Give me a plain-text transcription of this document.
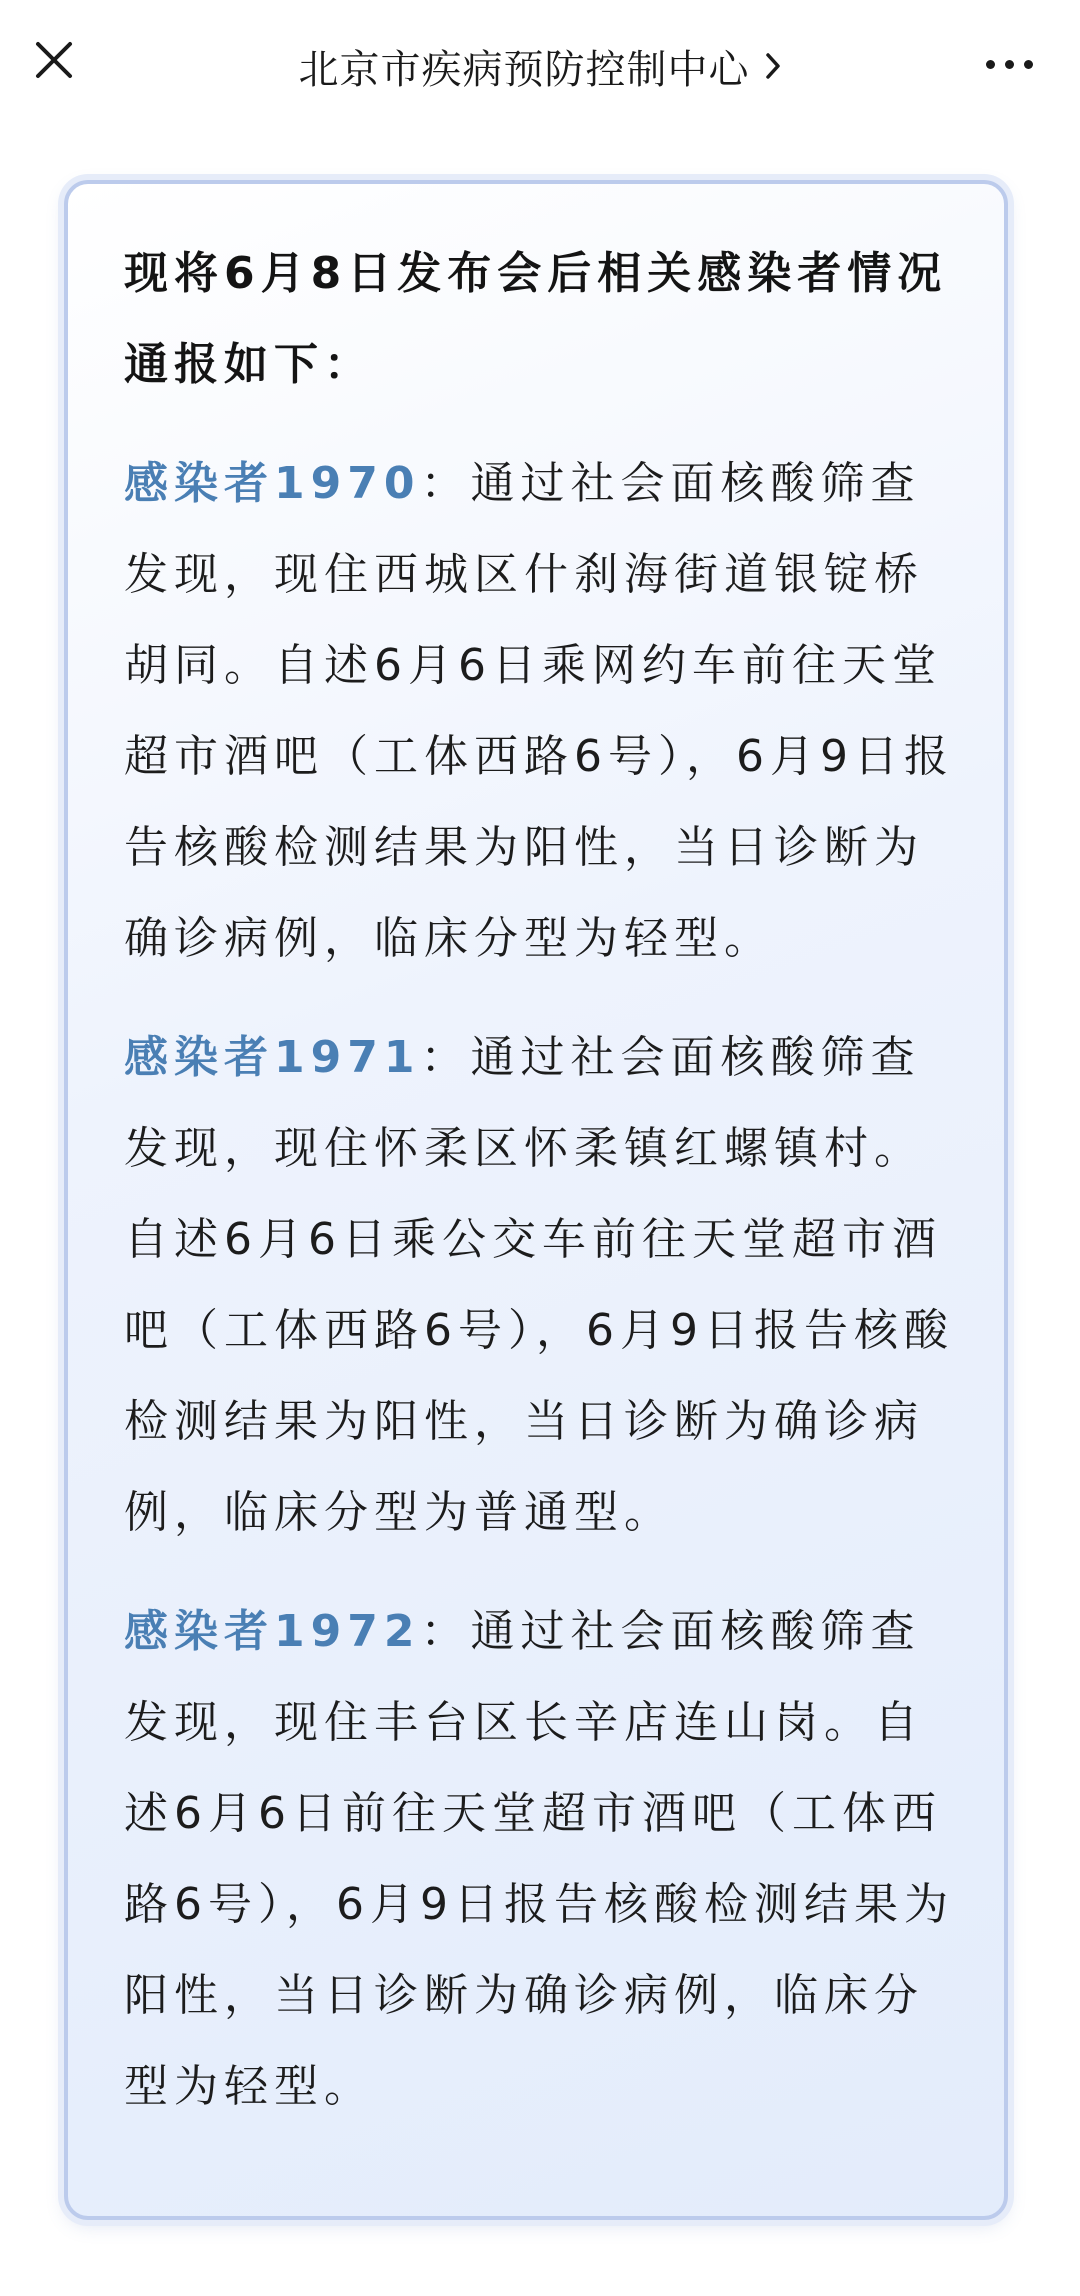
北京市疾病预防控制中心

现将6月8日发布会后相关感染者情况通报如下：

感染者1970：通过社会面核酸筛查发现，现住西城区什刹海街道银锭桥胡同。自述6月6日乘网约车前往天堂超市酒吧（工体西路6号），6月9日报告核酸检测结果为阳性，当日诊断为确诊病例，临床分型为轻型。

感染者1971：通过社会面核酸筛查发现，现住怀柔区怀柔镇红螺镇村。自述6月6日乘公交车前往天堂超市酒吧（工体西路6号），6月9日报告核酸检测结果为阳性，当日诊断为确诊病例，临床分型为普通型。

感染者1972：通过社会面核酸筛查发现，现住丰台区长辛店连山岗。自述6月6日前往天堂超市酒吧（工体西路6号），6月9日报告核酸检测结果为阳性，当日诊断为确诊病例，临床分型为轻型。
